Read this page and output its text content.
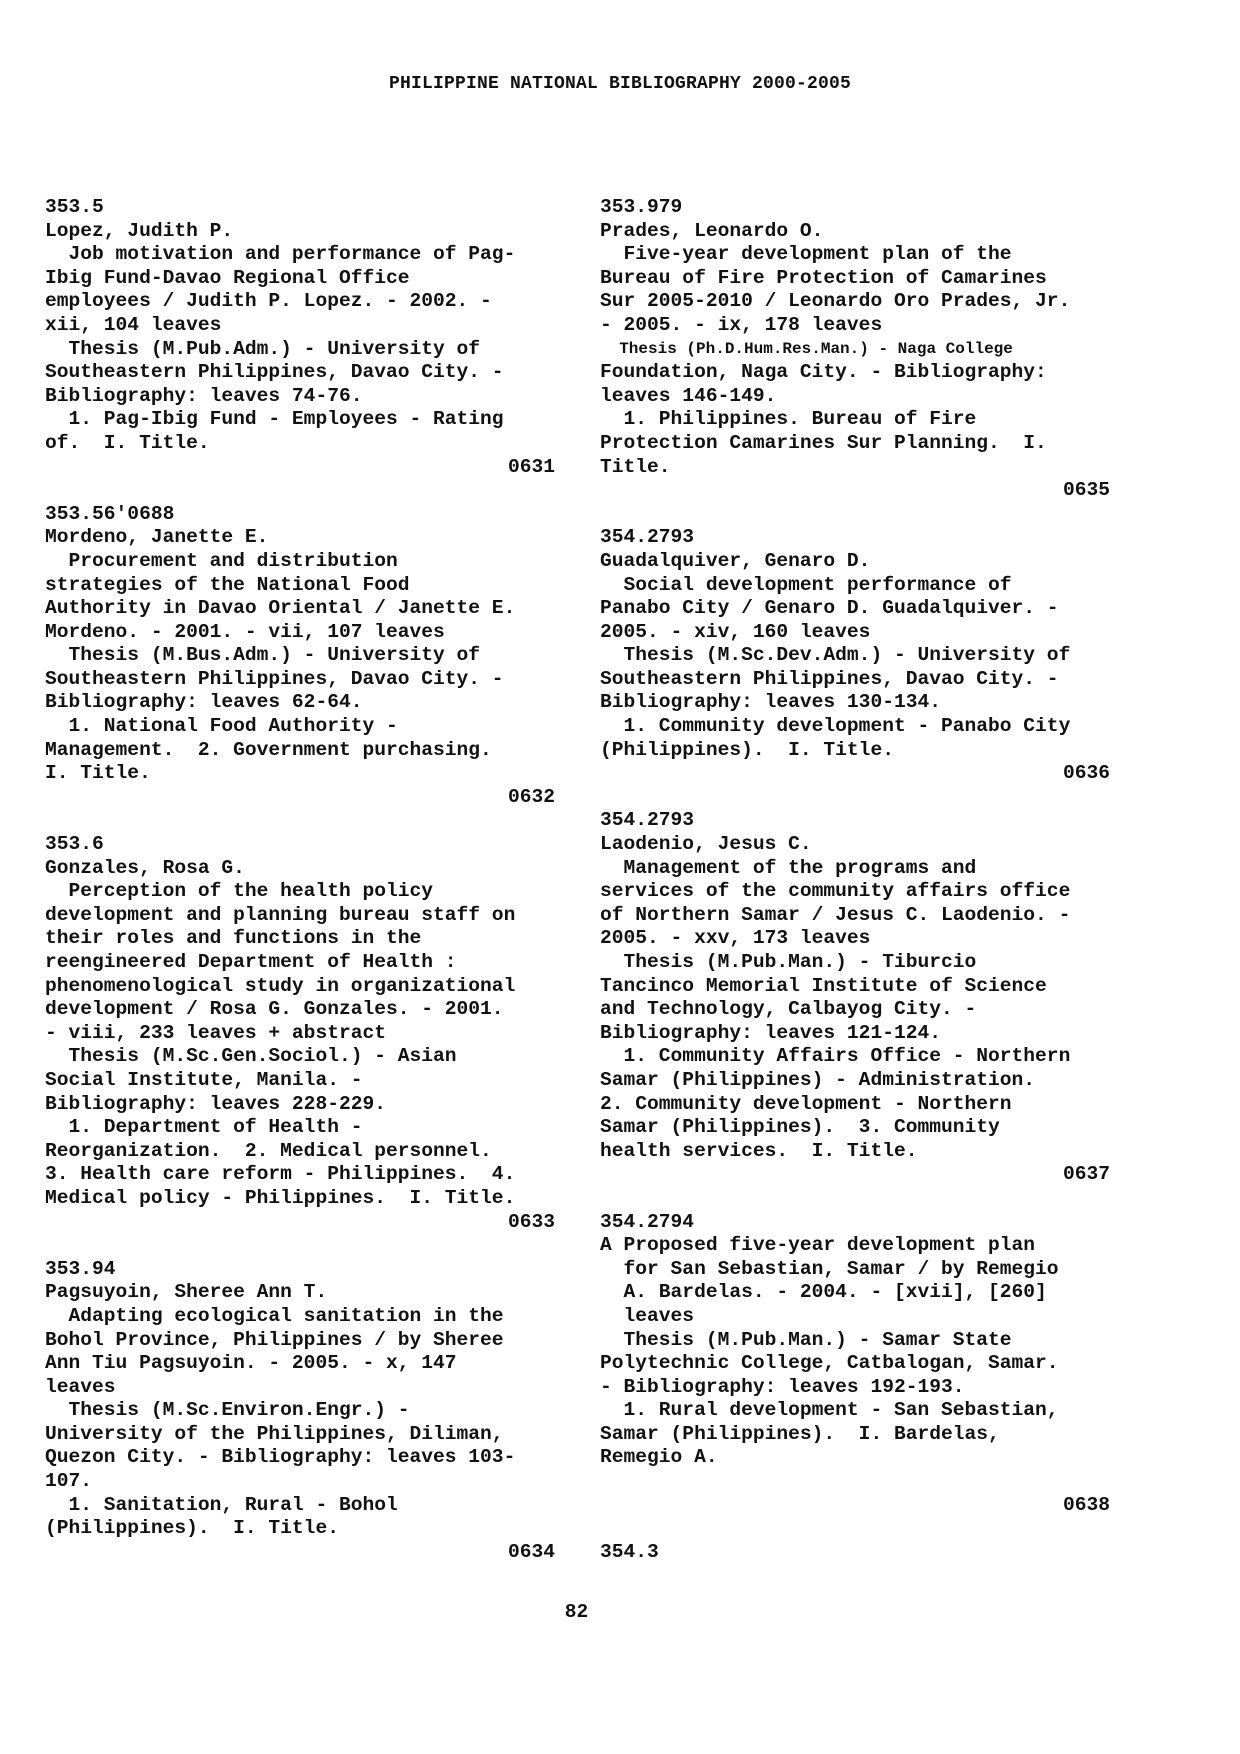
PHILIPPINE NATIONAL BIBLIOGRAPHY 2000-2005
353.5
Lopez, Judith P.
Job motivation and performance of Pag-
Ibig Fund-Davao Regional Office
employees / Judith P. Lopez. - 2002. -
xii, 104 leaves
Thesis (M.Pub.Adm.) - University of
Southeastern Philippines, Davao City. -
Bibliography: leaves 74-76.
1. Pag-Ibig Fund - Employees - Rating
of.  I. Title.
0631
353.56'0688
Mordeno, Janette E.
Procurement and distribution
strategies of the National Food
Authority in Davao Oriental / Janette E.
Mordeno. - 2001. - vii, 107 leaves
Thesis (M.Bus.Adm.) - University of
Southeastern Philippines, Davao City. -
Bibliography: leaves 62-64.
1. National Food Authority -
Management.  2. Government purchasing.
I. Title.
0632
353.6
Gonzales, Rosa G.
Perception of the health policy
development and planning bureau staff on
their roles and functions in the
reengineered Department of Health :
phenomenological study in organizational
development / Rosa G. Gonzales. - 2001.
- viii, 233 leaves + abstract
Thesis (M.Sc.Gen.Sociol.) - Asian
Social Institute, Manila. -
Bibliography: leaves 228-229.
1. Department of Health -
Reorganization.  2. Medical personnel.
3. Health care reform - Philippines.  4.
Medical policy - Philippines.  I. Title.
0633
353.94
Pagsuyoin, Sheree Ann T.
Adapting ecological sanitation in the
Bohol Province, Philippines / by Sheree
Ann Tiu Pagsuyoin. - 2005. - x, 147
leaves
Thesis (M.Sc.Environ.Engr.) -
University of the Philippines, Diliman,
Quezon City. - Bibliography: leaves 103-
107.
1. Sanitation, Rural - Bohol
(Philippines).  I. Title.
0634
353.979
Prades, Leonardo O.
Five-year development plan of the
Bureau of Fire Protection of Camarines
Sur 2005-2010 / Leonardo Oro Prades, Jr.
- 2005. - ix, 178 leaves
Thesis (Ph.D.Hum.Res.Man.) - Naga College
Foundation, Naga City. - Bibliography:
leaves 146-149.
1. Philippines. Bureau of Fire
Protection Camarines Sur Planning.  I.
Title.
0635
354.2793
Guadalquiver, Genaro D.
Social development performance of
Panabo City / Genaro D. Guadalquiver. -
2005. - xiv, 160 leaves
Thesis (M.Sc.Dev.Adm.) - University of
Southeastern Philippines, Davao City. -
Bibliography: leaves 130-134.
1. Community development - Panabo City
(Philippines).  I. Title.
0636
354.2793
Laodenio, Jesus C.
Management of the programs and
services of the community affairs office
of Northern Samar / Jesus C. Laodenio. -
2005. - xxv, 173 leaves
Thesis (M.Pub.Man.) - Tiburcio
Tancinco Memorial Institute of Science
and Technology, Calbayog City. -
Bibliography: leaves 121-124.
1. Community Affairs Office - Northern
Samar (Philippines) - Administration.
2. Community development - Northern
Samar (Philippines).  3. Community
health services.  I. Title.
0637
354.2794
A Proposed five-year development plan
for San Sebastian, Samar / by Remegio
A. Bardelas. - 2004. - [xvii], [260]
leaves
Thesis (M.Pub.Man.) - Samar State
Polytechnic College, Catbalogan, Samar.
- Bibliography: leaves 192-193.
1. Rural development - San Sebastian,
Samar (Philippines).  I. Bardelas,
Remegio A.
0638
354.3
82
